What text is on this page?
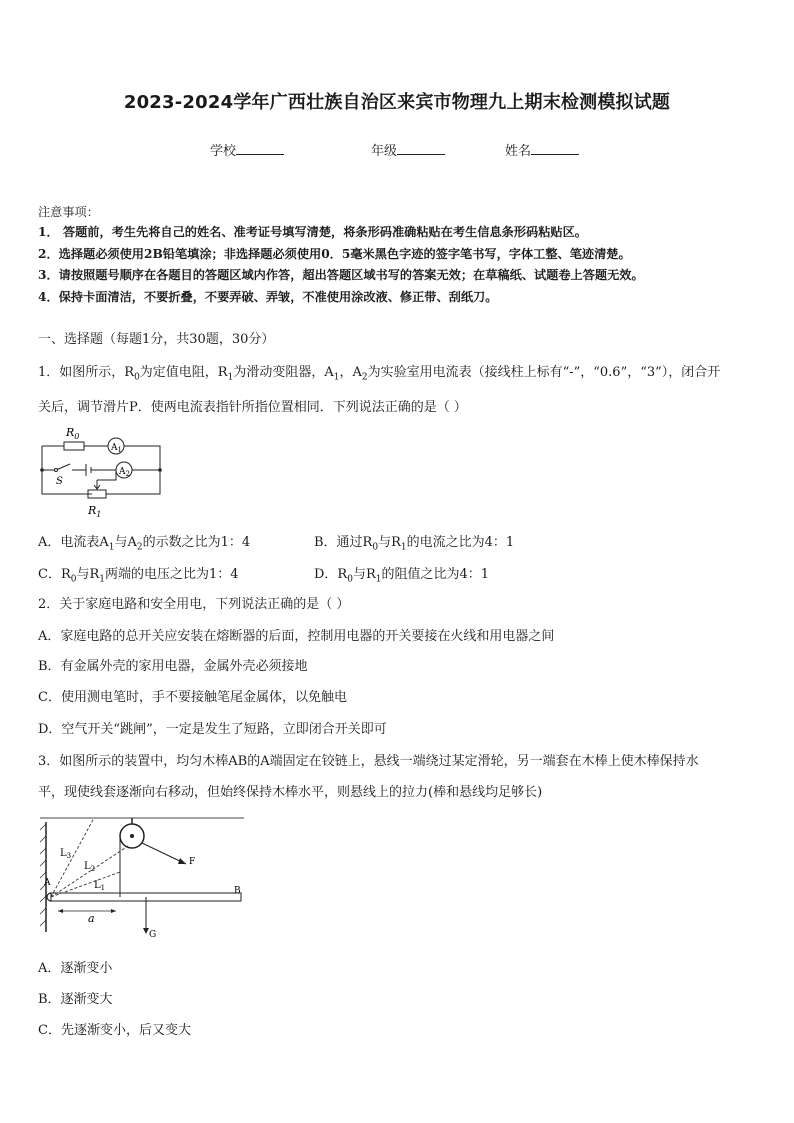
2023-2024学年广西壮族自治区来宾市物理九上期末检测模拟试题
学校	年级	姓名
注意事项：
1． 答题前，考生先将自己的姓名、准考证号填写清楚，将条形码准确粘贴在考生信息条形码粘贴区。
2．选择题必须使用2B铅笔填涂；非选择题必须使用0．5毫米黑色字迹的签字笔书写，字体工整、笔迹清楚。
3．请按照题号顺序在各题目的答题区域内作答，超出答题区域书写的答案无效；在草稿纸、试题卷上答题无效。
4．保持卡面清洁，不要折叠，不要弄破、弄皱，不准使用涂改液、修正带、刮纸刀。
一、选择题（每题1分，共30题，30分）
1．如图所示，$R_0$为定值电阻，$R_1$为滑动变阻器，$A_1$，$A_2$为实验室用电流表（接线柱上标有“-”，“0.6”，“3”），闭合开
关后，调节滑片P．使两电流表指针所指位置相同．下列说法正确的是（ ）
$R_0$
$A_1$
$A_2$
S
$R_1$
A．电流表$A_1$与$A_2$的示数之比为1：4	B．通过$R_0$与$R_1$的电流之比为4：1
C．$R_0$与$R_1$两端的电压之比为1：4	D．$R_0$与$R_1$的阻值之比为4：1
2．关于家庭电路和安全用电，下列说法正确的是（ ）
A．家庭电路的总开关应安装在熔断器的后面，控制用电器的开关要接在火线和用电器之间
B．有金属外壳的家用电器，金属外壳必须接地
C．使用测电笔时，手不要接触笔尾金属体，以免触电
D．空气开关“跳闸”，一定是发生了短路，立即闭合开关即可
3．如图所示的装置中，均匀木棒AB的A端固定在铰链上，悬线一端绕过某定滑轮，另一端套在木棒上使木棒保持水
平，现使线套逐渐向右移动，但始终保持木棒水平，则悬线上的拉力(棒和悬线均足够长)
$L_3$
$L_2$
$L_1$
A
B
a
G
F
A．逐渐变小
B．逐渐变大
C．先逐渐变小，后又变大
